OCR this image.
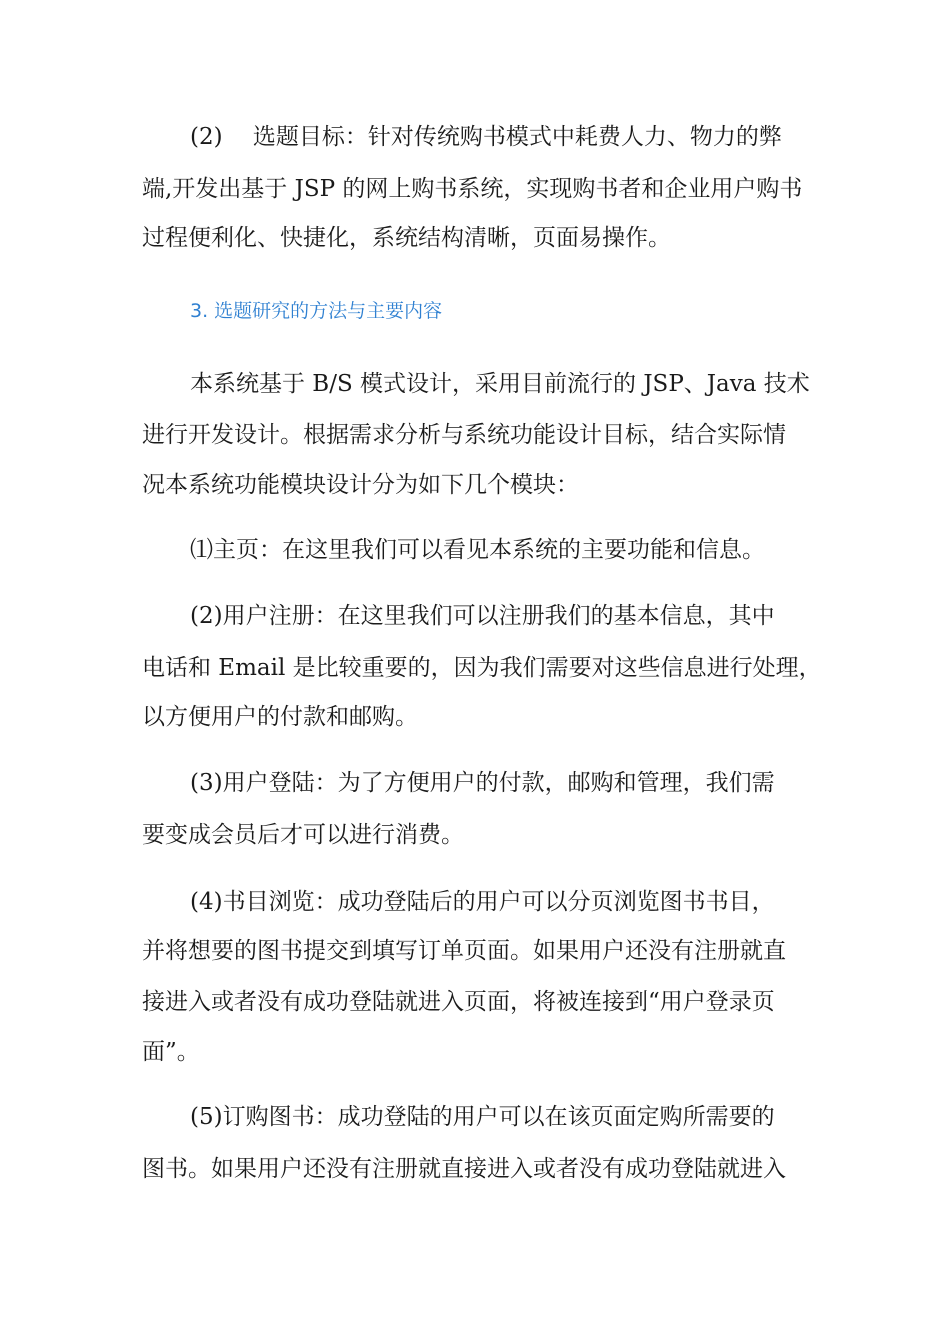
(2)　 选题目标：针对传统购书模式中耗费人力、物力的弊
端,开发出基于 JSP 的网上购书系统，实现购书者和企业用户购书
过程便利化、快捷化，系统结构清晰，页面易操作。
3. 选题研究的方法与主要内容
本系统基于 B/S 模式设计，采用目前流行的 JSP、Java 技术
进行开发设计。根据需求分析与系统功能设计目标，结合实际情
况本系统功能模块设计分为如下几个模块：
⑴主页：在这里我们可以看见本系统的主要功能和信息。
(2)用户注册：在这里我们可以注册我们的基本信息，其中
电话和 Email 是比较重要的，因为我们需要对这些信息进行处理，
以方便用户的付款和邮购。
(3)用户登陆：为了方便用户的付款，邮购和管理，我们需
要变成会员后才可以进行消费。
(4)书目浏览：成功登陆后的用户可以分页浏览图书书目，
并将想要的图书提交到填写订单页面。如果用户还没有注册就直
接进入或者没有成功登陆就进入页面，将被连接到“用户登录页
面”。
(5)订购图书：成功登陆的用户可以在该页面定购所需要的
图书。如果用户还没有注册就直接进入或者没有成功登陆就进入
